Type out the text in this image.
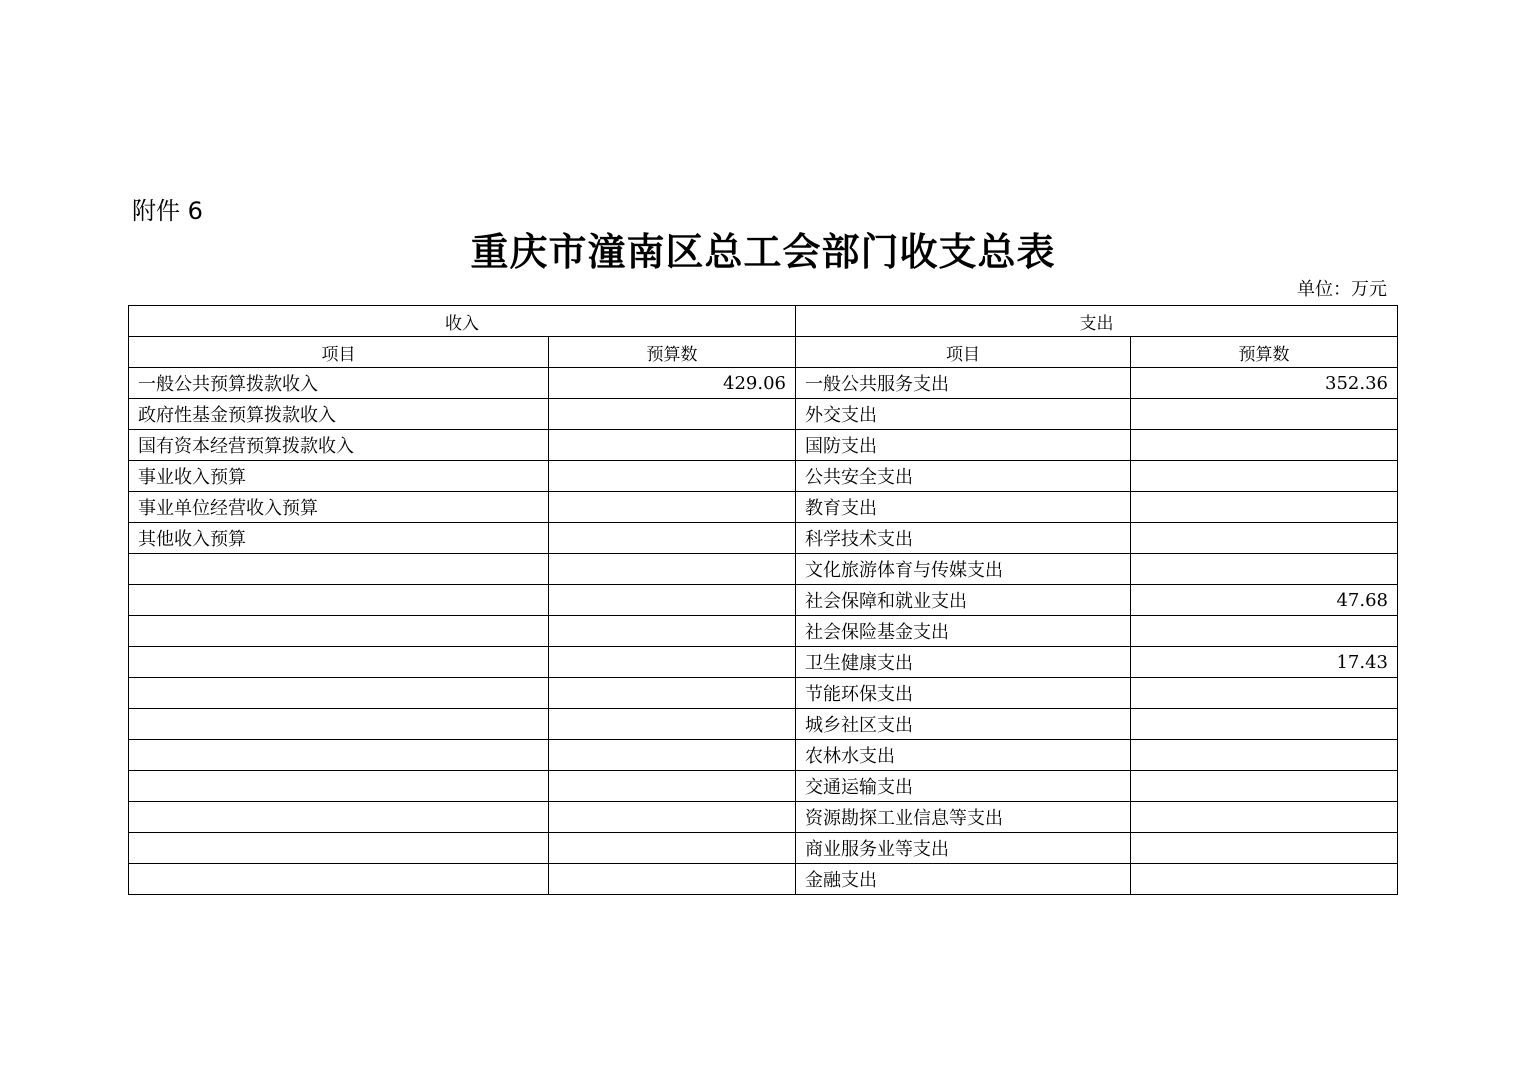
附件 6
重庆市潼南区总工会部门收支总表
单位：万元
收入		支出	
项目	预算数	项目	预算数
一般公共预算拨款收入	429.06	一般公共服务支出	352.36
政府性基金预算拨款收入		外交支出	
国有资本经营预算拨款收入		国防支出	
事业收入预算		公共安全支出	
事业单位经营收入预算		教育支出	
其他收入预算		科学技术支出	
		文化旅游体育与传媒支出	
		社会保障和就业支出	47.68
		社会保险基金支出	
		卫生健康支出	17.43
		节能环保支出	
		城乡社区支出	
		农林水支出	
		交通运输支出	
		资源勘探工业信息等支出	
		商业服务业等支出	
		金融支出	
